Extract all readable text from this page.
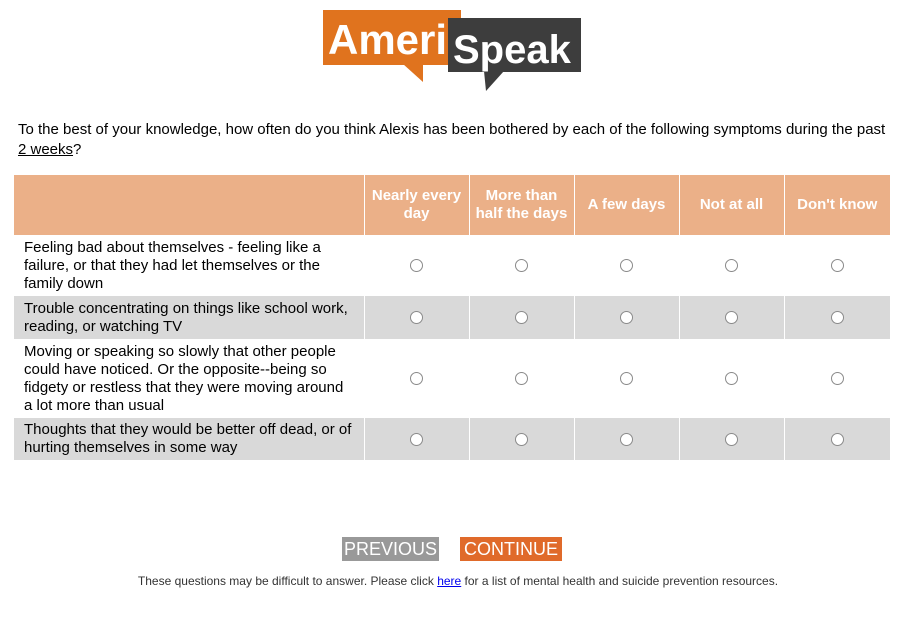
Ameri Speak
To the best of your knowledge, how often do you think Alexis has been bothered by each of the following symptoms during the past 2 weeks?
	Nearly every day	More than half the days	A few days	Not at all	Don't know
Feeling bad about themselves - feeling like a failure, or that they had let themselves or the family down					
Trouble concentrating on things like school work, reading, or watching TV					
Moving or speaking so slowly that other people could have noticed. Or the opposite--being so fidgety or restless that they were moving around a lot more than usual					
Thoughts that they would be better off dead, or of hurting themselves in some way					
PREVIOUS CONTINUE
These questions may be difficult to answer. Please click here for a list of mental health and suicide prevention resources.
